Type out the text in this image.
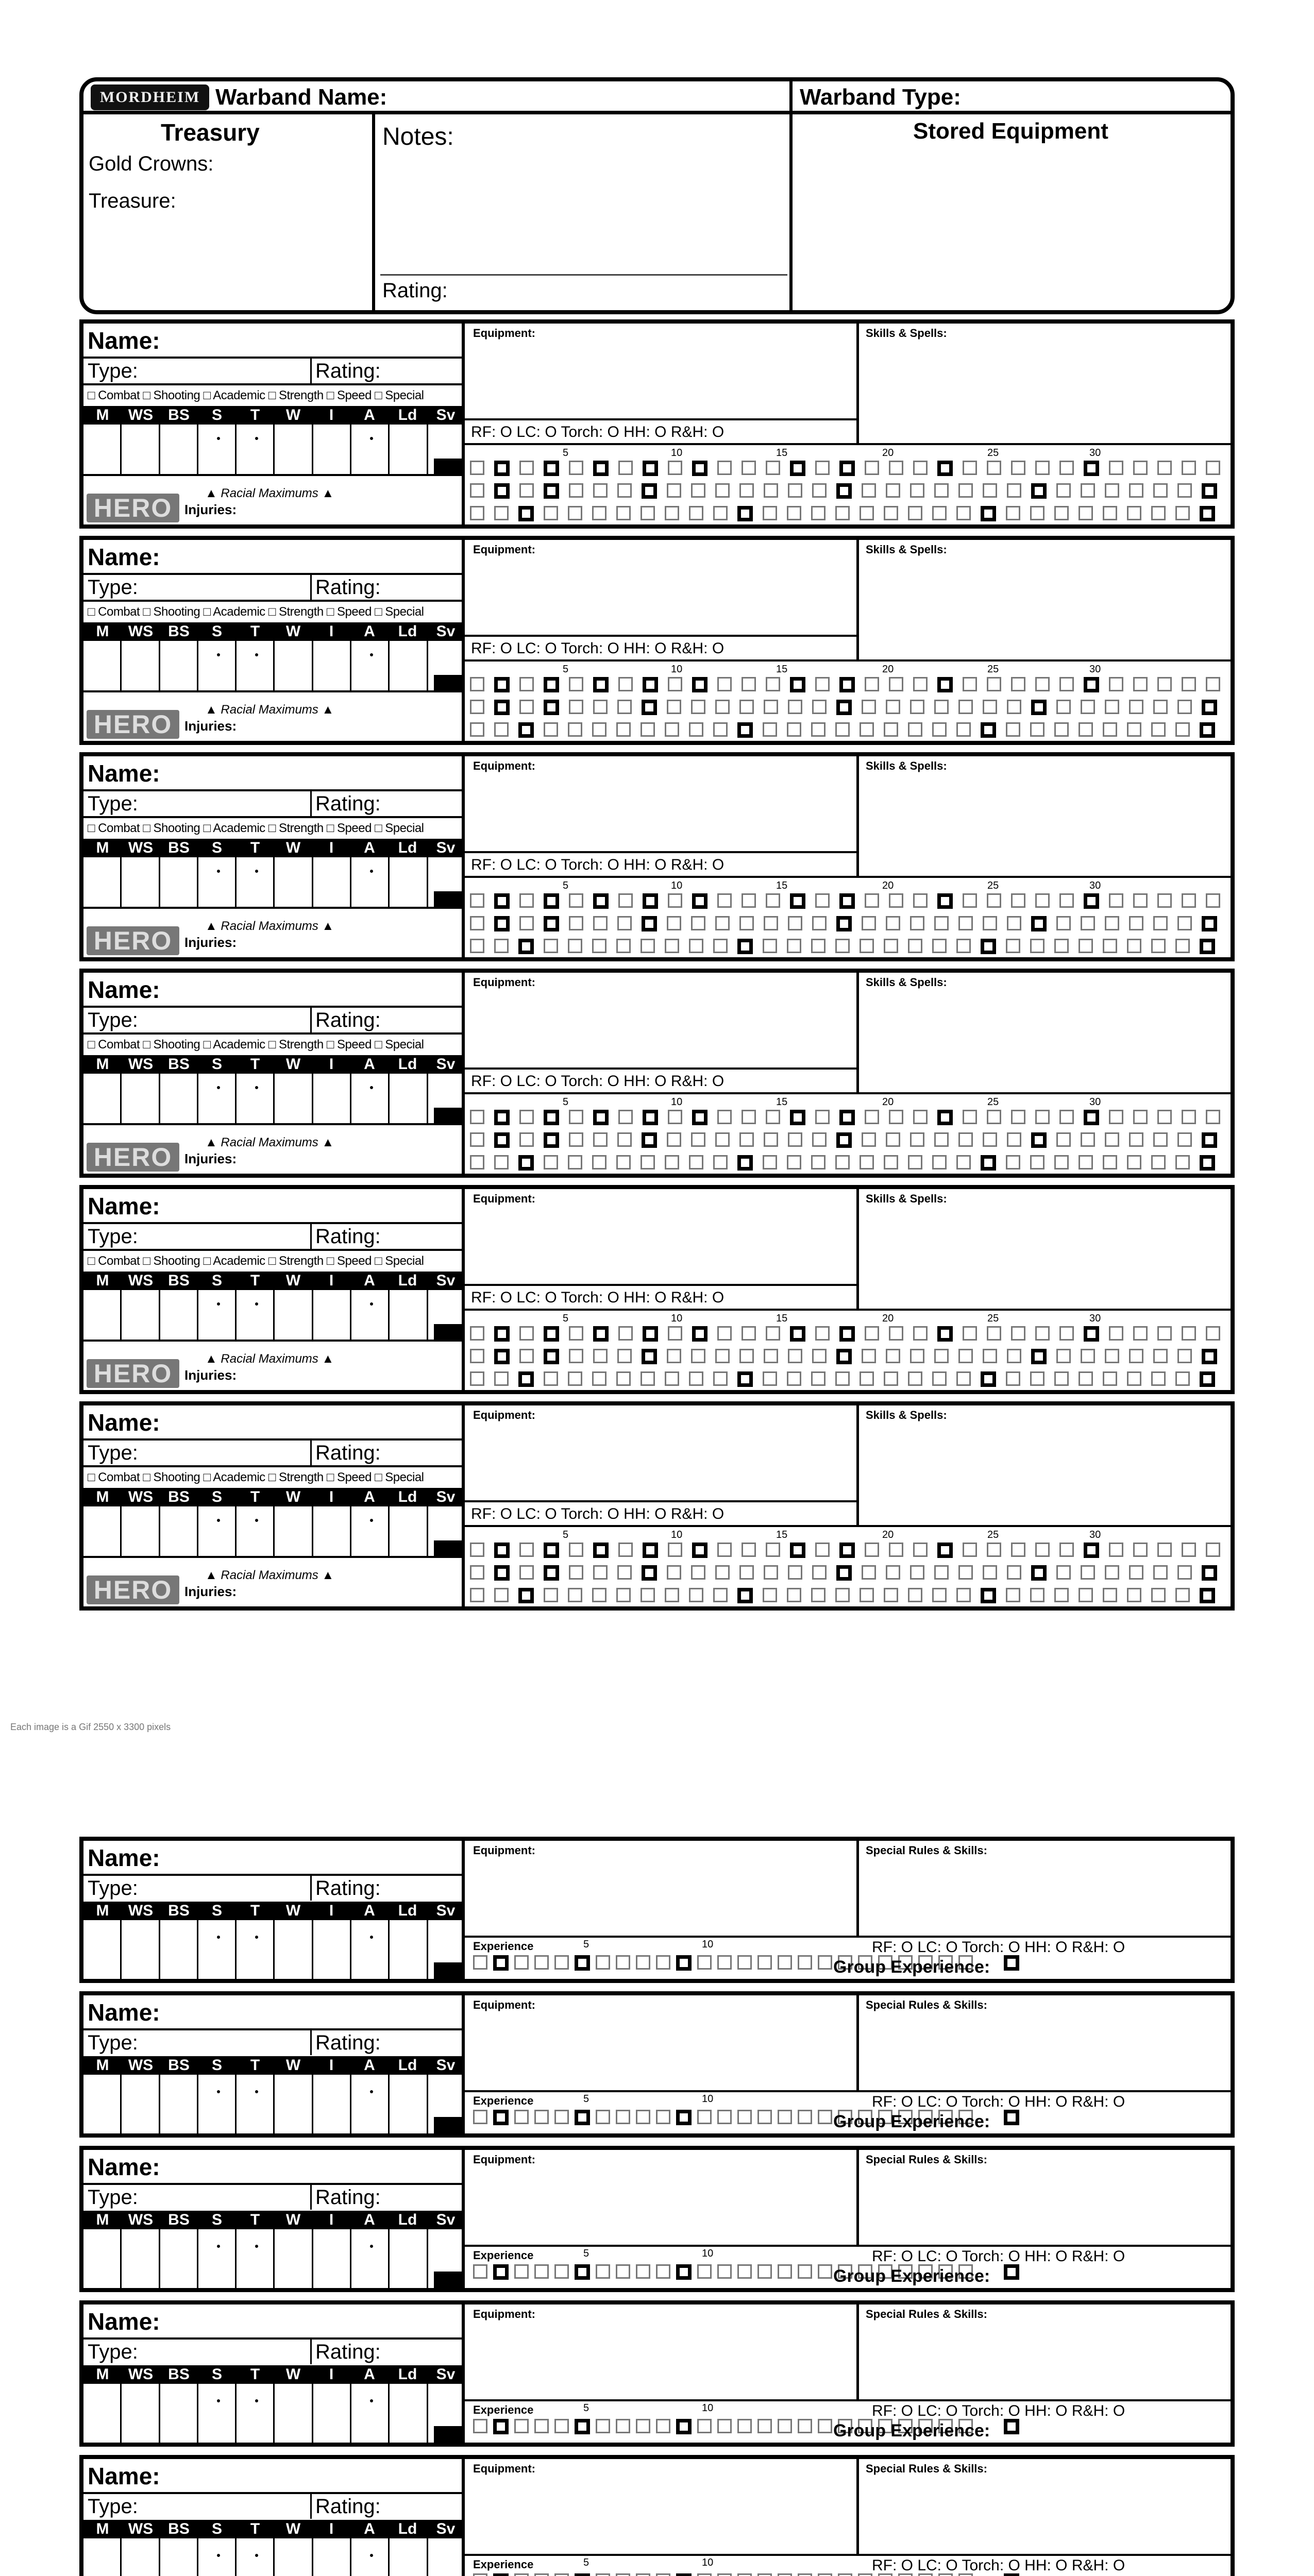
MORDHEIM Warband Name:	Warband Type:
Treasury
Gold Crowns:
Treasure:
Notes:
Rating:
Stored Equipment
Name:
Type:	Rating:
□ Combat □ Shooting □ Academic □ Strength □ Speed □ Special
M	WS BS	S	T	W	I	A	Ld	Sv
HERO
▲ Racial Maximums ▲
Injuries:
Equipment:	Skills & Spells:
RF: O LC: O Torch: O HH: O R&H: O
5	10	15	20	25	30
Name:
Type:	Rating:
□ Combat □ Shooting □ Academic □ Strength □ Speed □ Special
M	WS BS	S	T	W	I	A	Ld	Sv
HERO
▲ Racial Maximums ▲
Injuries:
Equipment:	Skills & Spells:
RF: O LC: O Torch: O HH: O R&H: O
5	10	15	20	25	30
Name:
Type:	Rating:
□ Combat □ Shooting □ Academic □ Strength □ Speed □ Special
M	WS BS	S	T	W	I	A	Ld	Sv
HERO
▲ Racial Maximums ▲
Injuries:
Equipment:	Skills & Spells:
RF: O LC: O Torch: O HH: O R&H: O
5	10	15	20	25	30
Name:
Type:	Rating:
□ Combat □ Shooting □ Academic □ Strength □ Speed □ Special
M	WS BS	S	T	W	I	A	Ld	Sv
HERO
▲ Racial Maximums ▲
Injuries:
Equipment:	Skills & Spells:
RF: O LC: O Torch: O HH: O R&H: O
5	10	15	20	25	30
Name:
Type:	Rating:
□ Combat □ Shooting □ Academic □ Strength □ Speed □ Special
M	WS BS	S	T	W	I	A	Ld	Sv
HERO
▲ Racial Maximums ▲
Injuries:
Equipment:	Skills & Spells:
RF: O LC: O Torch: O HH: O R&H: O
5	10	15	20	25	30
Name:
Type:	Rating:
□ Combat □ Shooting □ Academic □ Strength □ Speed □ Special
M	WS BS	S	T	W	I	A	Ld	Sv
HERO
▲ Racial Maximums ▲
Injuries:
Equipment:	Skills & Spells:
RF: O LC: O Torch: O HH: O R&H: O
5	10	15	20	25	30
Each image is a Gif 2550 x 3300 pixels
Name:
Type:	Rating:
M	WS BS	S	T	W	I	A	Ld	Sv
Equipment:	Special Rules & Skills:
Experience	5	10	RF: O LC: O Torch: O HH: O R&H: O
Group Experience:
Name:
Type:	Rating:
M	WS BS	S	T	W	I	A	Ld	Sv
Equipment:	Special Rules & Skills:
Experience	5	10	RF: O LC: O Torch: O HH: O R&H: O
Group Experience:
Name:
Type:	Rating:
M	WS BS	S	T	W	I	A	Ld	Sv
Equipment:	Special Rules & Skills:
Experience	5	10	RF: O LC: O Torch: O HH: O R&H: O
Group Experience:
Name:
Type:	Rating:
M	WS BS	S	T	W	I	A	Ld	Sv
Equipment:	Special Rules & Skills:
Experience	5	10	RF: O LC: O Torch: O HH: O R&H: O
Group Experience:
Name:
Type:	Rating:
M	WS BS	S	T	W	I	A	Ld	Sv
Equipment:	Special Rules & Skills:
Experience	5	10	RF: O LC: O Torch: O HH: O R&H: O
